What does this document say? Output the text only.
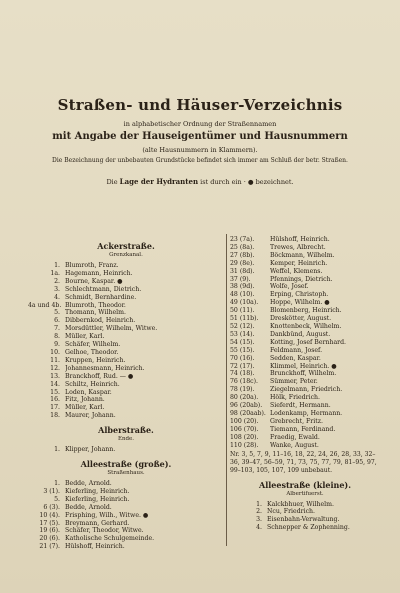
Straßen- und Häuser-Verzeichnis
in alphabetischer Ordnung der Straßennamen
mit Angabe der Hauseigentümer und Hausnummern
(alte Hausnummern in Klammern).
Die Bezeichnung der unbebauten Grundstücke befindet sich immer am Schluß der betr. Straßen.
Die Lage der Hydranten ist durch ein · ● bezeichnet.
Ackerstraße.
Grenzkanal.
1. Blumroth, Franz.
1a. Hagemann, Heinrich.
2. Bourne, Kaspar. ●
3. Schlechtmann, Dietrich.
4. Schmidt, Bernhardine.
4a und 4b. Blumroth, Theodor.
5. Thomann, Wilhelm.
6. Dibbernkod, Heinrich.
7. Morsdüttler, Wilhelm, Witwe.
8. Müller, Karl.
9. Schäfer, Wilhelm.
10. Gelhoe, Theodor.
11. Kruppen, Heinrich.
12. Johannesmann, Heinrich.
13. Branckhoff, Rud. — ●
14. Schiltz, Heinrich.
15. Loden, Kaspar.
16. Fitz, Johann.
17. Müller, Karl.
18. Maurer, Johann.
Alberstraße.
Ende.
1. Klipper, Johann.
Alleestraße (große).
Straßenhaus.
1. Bedde, Arnold.
3 (1). Kieferling, Heinrich.
5. Kieferling, Heinrich.
6 (3). Bedde, Arnold.
10 (4). Frisphing, Wilh., Witwe. ●
17 (5). Breymann, Gerhard.
19 (6). Schäfer, Theodor, Witwe.
20 (6). Katholische Schulgemeinde.
21 (7). Hülshoff, Heinrich.
23 (7a).	Hülshoff, Heinrich.
25 (8a).	Trewes, Albrecht.
27 (8b).	Böckmann, Wilhelm.
29 (8e).	Kemper, Heinrich.
31 (8d).	Weffel, Klemens.
37 (9).	Pfennings, Dietrich.
38 (9d).	Wolfe, Josef.
48 (10).	Erping, Christoph.
49 (10a).	Hoppe, Wilhelm. ●
50 (11).	Blomenberg, Heinrich.
51 (11b).	Dreskötter, August.
52 (12).	Knottenbeck, Wilhelm.
53 (14).	Dankbünd, August.
54 (15).	Kotting, Josef Bernhard.
55 (15).	Feldmann, Josef.
70 (16).	Sedden, Kaspar.
72 (17).	Klimmel, Heinrich. ●
74 (18).	Brunckhoff, Wilhelm.
76 (18c).	Sümmer, Peter.
78 (19).	Ziegelmann, Friedrich.
80 (20a).	Hölk, Friedrich.
96 (20ab).	Sieferdt, Hermann.
98 (20aab). Lodenkamp, Hermann.
100 (20).	Grebrecht, Fritz.
106 (70).	Tiemann, Ferdinand.
108 (20).	Fraedig, Ewald.
110 (28).	Wanke, August.
Nr. 3, 5, 7, 9, 11–16, 18, 22, 24, 26, 28, 33, 32–36, 39–47, 56–59, 71, 73, 75, 77, 79, 81–95, 97, 99–103, 105, 107, 109 unbebaut.
Alleestraße (kleine).
Albertifuerst.
1. Kalckbhuer, Wilhelm.
2. Ncu, Friedrich.
3. Eisenbahn-Verwaltung.
4. Schnepper & Zophenning.
